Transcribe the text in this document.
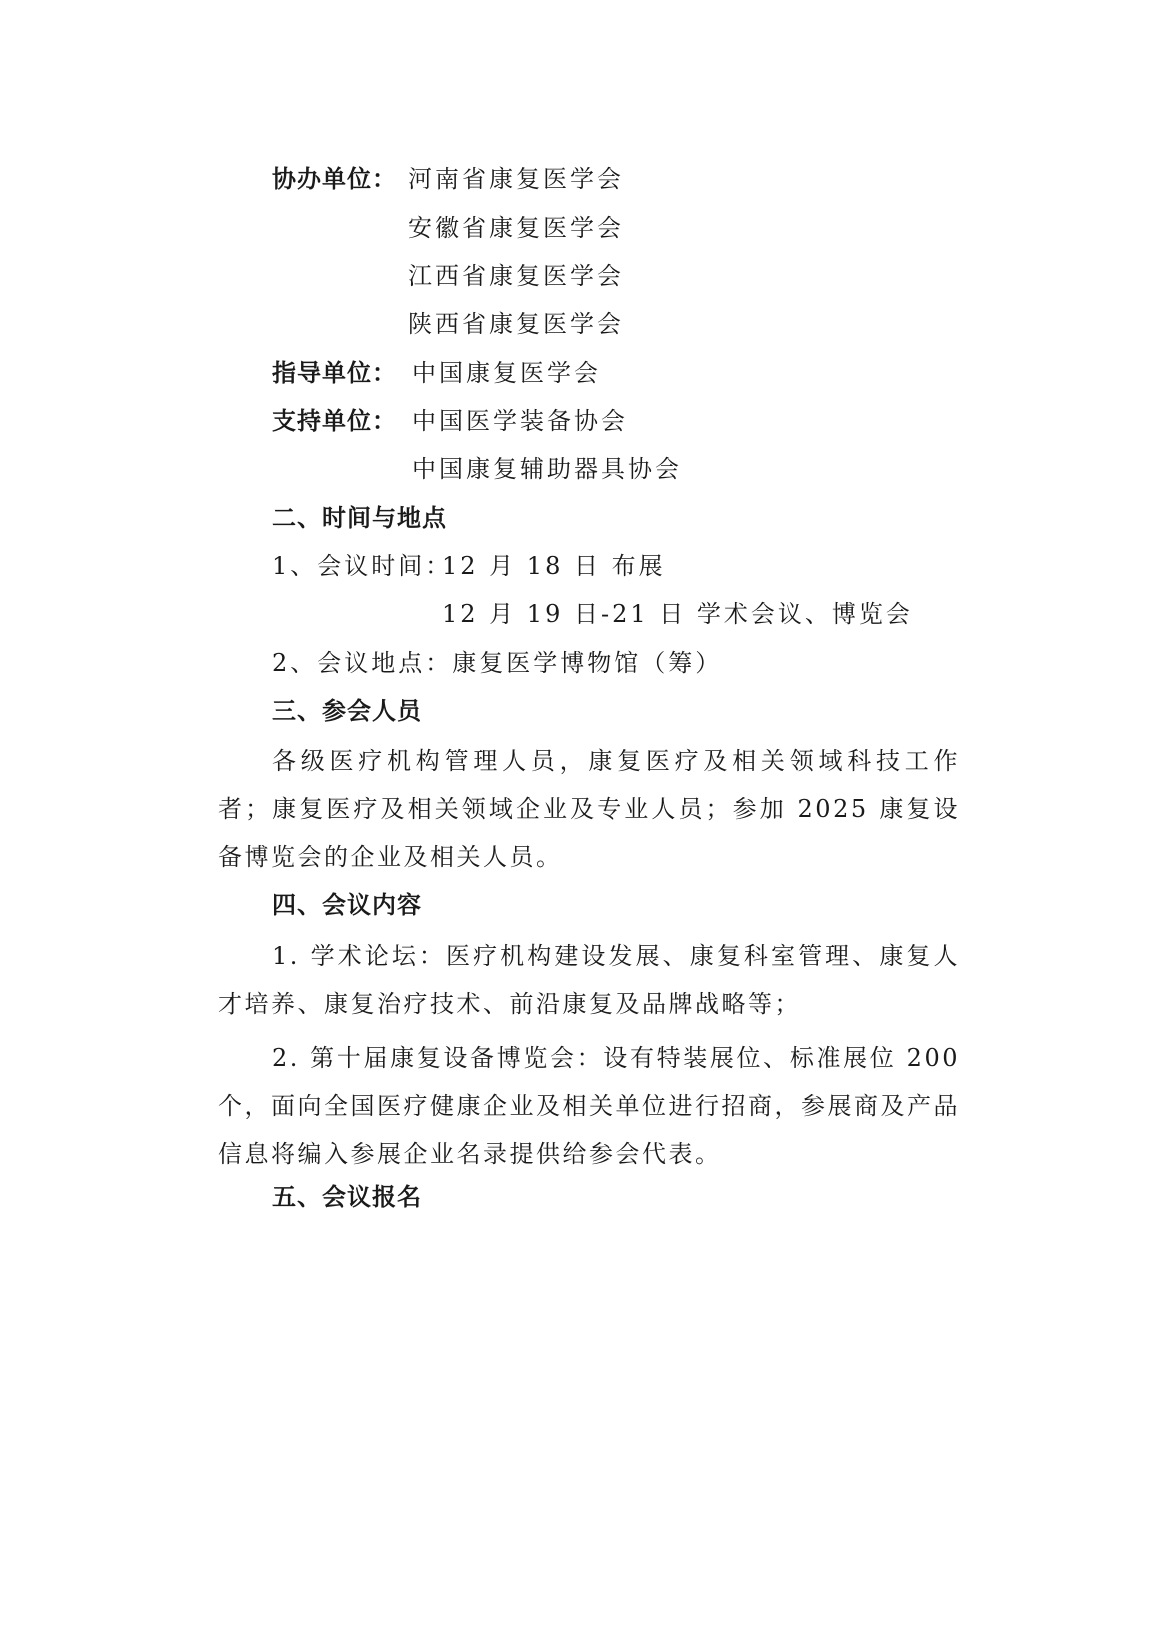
协办单位： 河南省康复医学会
安徽省康复医学会
江西省康复医学会
陕西省康复医学会
指导单位： 中国康复医学会
支持单位： 中国医学装备协会
中国康复辅助器具协会
二、时间与地点
1、会议时间：
12 月 18 日 布展
12 月 19 日-21 日 学术会议、博览会
2、会议地点：康复医学博物馆（筹）
三、参会人员
各级医疗机构管理人员，康复医疗及相关领域科技工作者；康复医疗及相关领域企业及专业人员；参加 2025 康复设备博览会的企业及相关人员。
四、会议内容
1. 学术论坛：医疗机构建设发展、康复科室管理、康复人才培养、康复治疗技术、前沿康复及品牌战略等；
2. 第十届康复设备博览会：设有特装展位、标准展位 200 个，面向全国医疗健康企业及相关单位进行招商，参展商及产品信息将编入参展企业名录提供给参会代表。
五、会议报名
